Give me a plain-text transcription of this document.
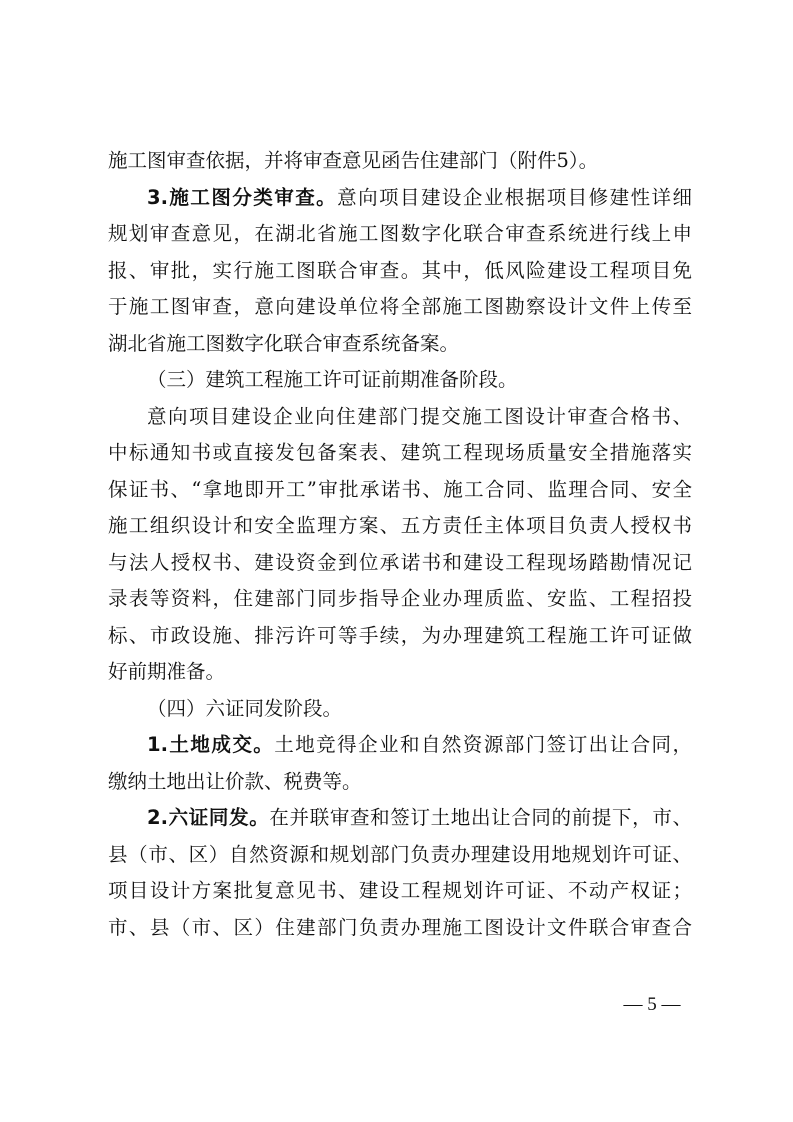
施工图审查依据，并将审查意见函告住建部门（附件5）。
3.施工图分类审查。意向项目建设企业根据项目修建性详细
规划审查意见，在湖北省施工图数字化联合审查系统进行线上申
报、审批，实行施工图联合审查。其中，低风险建设工程项目免
于施工图审查，意向建设单位将全部施工图勘察设计文件上传至
湖北省施工图数字化联合审查系统备案。
（三）建筑工程施工许可证前期准备阶段。
意向项目建设企业向住建部门提交施工图设计审查合格书、
中标通知书或直接发包备案表、建筑工程现场质量安全措施落实
保证书、“拿地即开工”审批承诺书、施工合同、监理合同、安全
施工组织设计和安全监理方案、五方责任主体项目负责人授权书
与法人授权书、建设资金到位承诺书和建设工程现场踏勘情况记
录表等资料，住建部门同步指导企业办理质监、安监、工程招投
标、市政设施、排污许可等手续，为办理建筑工程施工许可证做
好前期准备。
（四）六证同发阶段。
1.土地成交。土地竞得企业和自然资源部门签订出让合同，
缴纳土地出让价款、税费等。
2.六证同发。在并联审查和签订土地出让合同的前提下，市、
县（市、区）自然资源和规划部门负责办理建设用地规划许可证、
项目设计方案批复意见书、建设工程规划许可证、不动产权证；
市、县（市、区）住建部门负责办理施工图设计文件联合审查合
— 5 —
